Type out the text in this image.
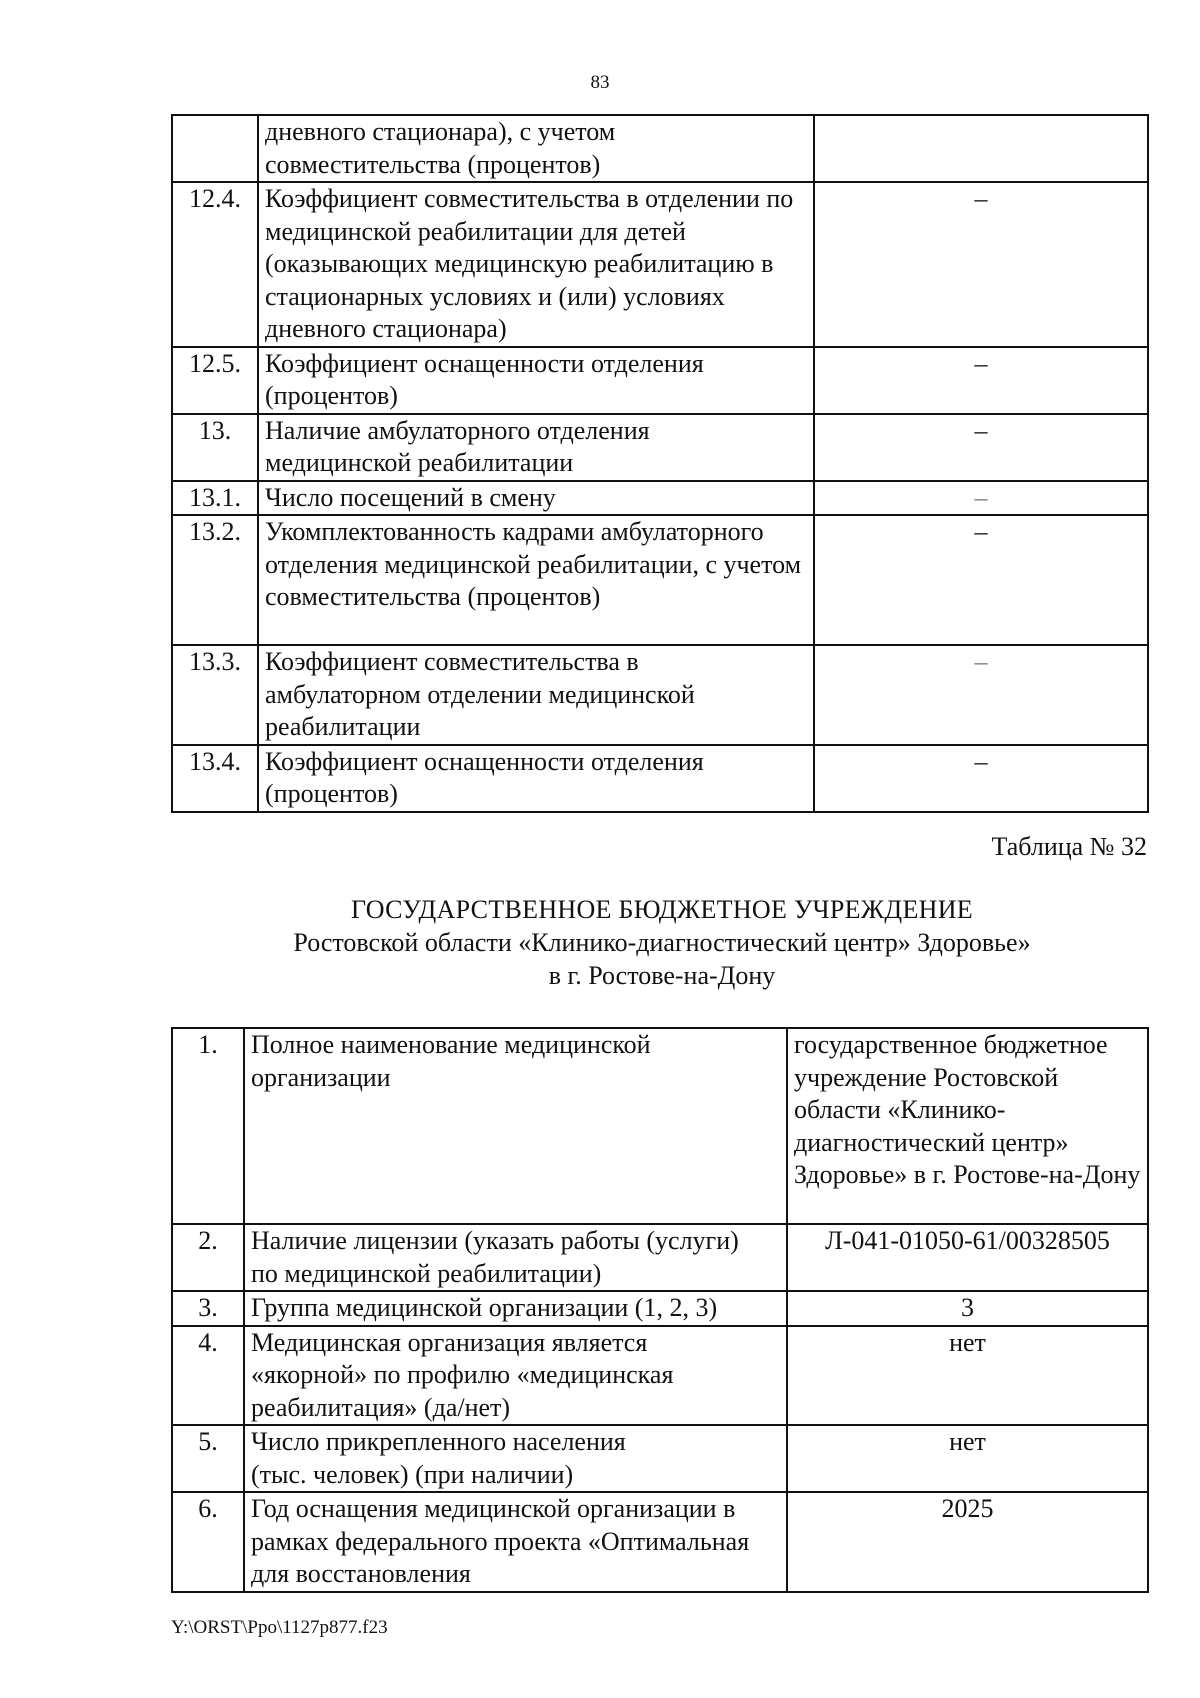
83

	дневного стационара), с учетом совместительства (процентов)	

12.4.	Коэффициент совместительства в отделении по медицинской реабилитации для детей (оказывающих медицинскую реабилитацию в стационарных условиях и (или) условиях дневного стационара)	–
12.5.	Коэффициент оснащенности отделения (процентов)	–
13.	Наличие амбулаторного отделения медицинской реабилитации	–
13.1.	Число посещений в смену	–
13.2.	Укомплектованность кадрами амбулаторного отделения медицинской реабилитации, с учетом совместительства (процентов)	–
13.3.	Коэффициент совместительства в амбулаторном отделении медицинской реабилитации	–
13.4.	Коэффициент оснащенности отделения (процентов)	–
Таблица № 32
ГОСУДАРСТВЕННОЕ БЮДЖЕТНОЕ УЧРЕЖДЕНИЕ
Ростовской области «Клинико-диагностический центр» Здоровье»
в г. Ростове-на-Дону
1.	Полное наименование медицинской организации	государственное бюджетное учреждение Ростовской области «Клинико-диагностический центр» Здоровье» в г. Ростове-на-Дону
2.	Наличие лицензии (указать работы (услуги) по медицинской реабилитации)	Л-041-01050-61/00328505
3.	Группа медицинской организации (1, 2, 3)	3
4.	Медицинская организация является «якорной» по профилю «медицинская реабилитация» (да/нет)	нет
5.	Число прикрепленного населения (тыс. человек) (при наличии)	нет
6.	Год оснащения медицинской организации в рамках федерального проекта «Оптимальная для восстановления	2025
Y:\ORST\Ppo\1127p877.f23
